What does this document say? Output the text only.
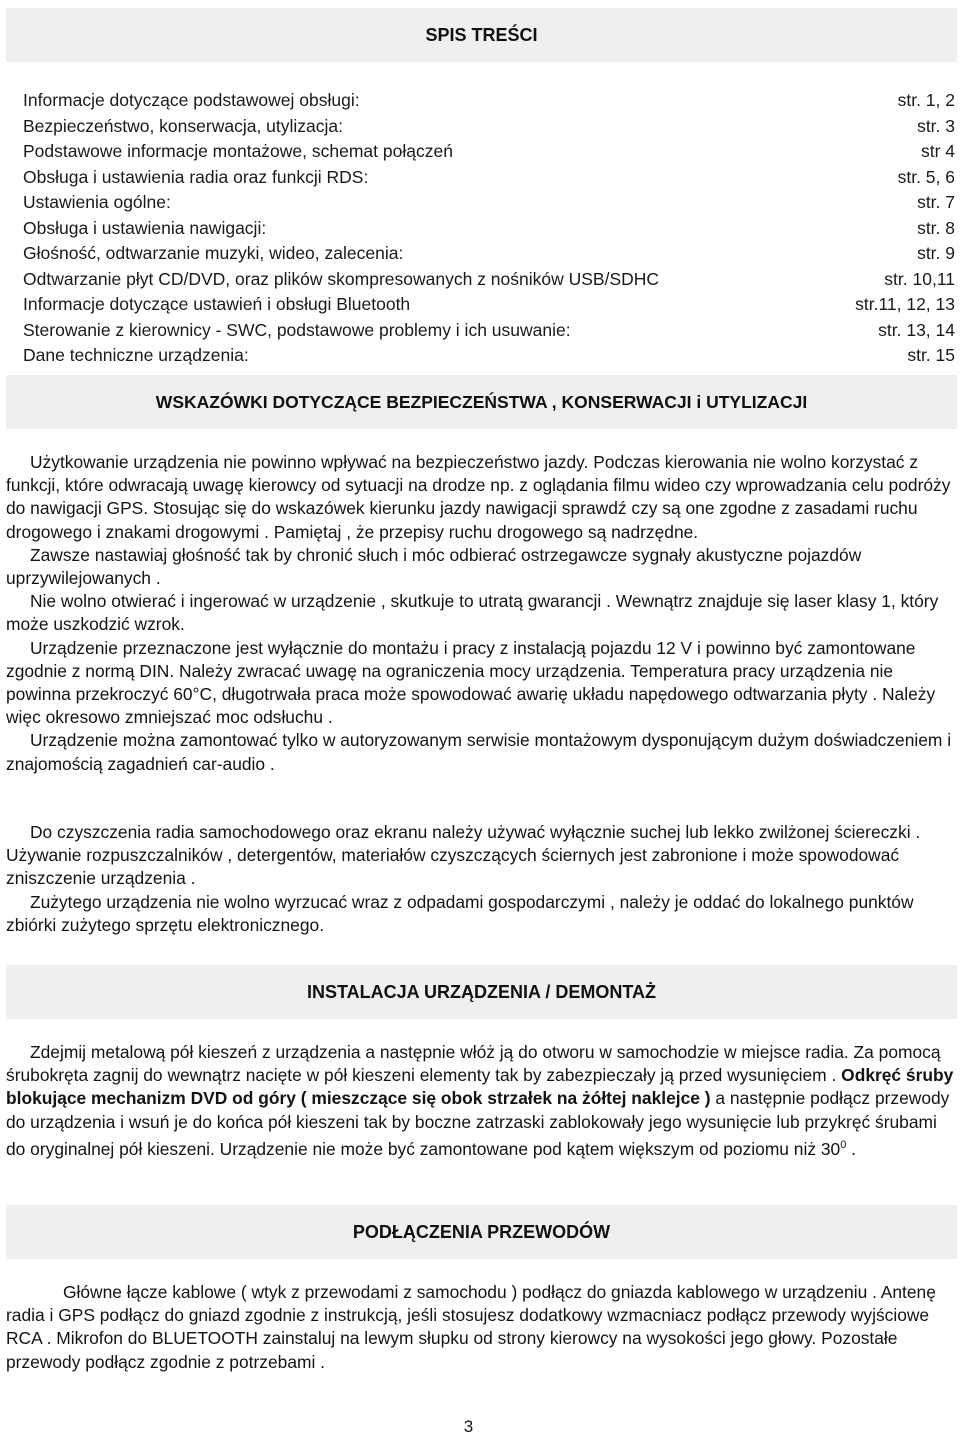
SPIS TREŚCI
Informacje dotyczące podstawowej obsługi:	str. 1, 2
Bezpieczeństwo, konserwacja, utylizacja:	str. 3
Podstawowe informacje montażowe, schemat połączeń	str 4
Obsługa i ustawienia radia oraz funkcji RDS:	str. 5, 6
Ustawienia ogólne:	str. 7
Obsługa i ustawienia nawigacji:	str. 8
Głośność, odtwarzanie muzyki, wideo, zalecenia:	str. 9
Odtwarzanie płyt CD/DVD, oraz plików skompresowanych z nośników USB/SDHC	str. 10,11
Informacje dotyczące ustawień i obsługi Bluetooth	str.11, 12, 13
Sterowanie z kierownicy - SWC, podstawowe problemy i ich usuwanie:	str. 13, 14
Dane techniczne urządzenia:	str. 15
WSKAZÓWKI DOTYCZĄCE BEZPIECZEŃSTWA , KONSERWACJI i UTYLIZACJI

Użytkowanie urządzenia nie powinno wpływać na bezpieczeństwo jazdy. Podczas kierowania nie wolno korzystać z funkcji, które odwracają uwagę kierowcy od sytuacji na drodze np. z oglądania filmu wideo czy wprowadzania celu podróży do nawigacji GPS. Stosując się do wskazówek kierunku jazdy nawigacji sprawdź czy są one zgodne z zasadami ruchu drogowego i znakami drogowymi . Pamiętaj , że przepisy ruchu drogowego są nadrzędne.

Zawsze nastawiaj głośność tak by chronić słuch i móc odbierać ostrzegawcze sygnały akustyczne pojazdów uprzywilejowanych .

Nie wolno otwierać i ingerować w urządzenie , skutkuje to utratą gwarancji . Wewnątrz znajduje się laser klasy 1, który może uszkodzić wzrok.

Urządzenie przeznaczone jest wyłącznie do montażu i pracy z instalacją pojazdu 12 V i powinno być zamontowane zgodnie z normą DIN. Należy zwracać uwagę na ograniczenia mocy urządzenia. Temperatura pracy urządzenia nie powinna przekroczyć 60°C, długotrwała praca może spowodować awarię układu napędowego odtwarzania płyty . Należy więc okresowo zmniejszać moc odsłuchu .

Urządzenie można zamontować tylko w autoryzowanym serwisie montażowym dysponującym dużym doświadczeniem i znajomością zagadnień car-audio .

Do czyszczenia radia samochodowego oraz ekranu należy używać wyłącznie suchej lub lekko zwilżonej ściereczki . Używanie rozpuszczalników , detergentów, materiałów czyszczących ściernych jest zabronione i może spowodować zniszczenie urządzenia .

Zużytego urządzenia nie wolno wyrzucać wraz z odpadami gospodarczymi , należy je oddać do lokalnego punktów zbiórki zużytego sprzętu elektronicznego.

INSTALACJA URZĄDZENIA / DEMONTAŻ

Zdejmij metalową pół kieszeń z urządzenia a następnie włóż ją do otworu w samochodzie w miejsce radia. Za pomocą śrubokręta zagnij do wewnątrz nacięte w pół kieszeni elementy tak by zabezpieczały ją przed wysunięciem . Odkręć śruby blokujące mechanizm DVD od góry ( mieszczące się obok strzałek na żółtej naklejce ) a następnie podłącz przewody do urządzenia i wsuń je do końca pół kieszeni tak by boczne zatrzaski zablokowały jego wysunięcie lub przykręć śrubami do oryginalnej pół kieszeni. Urządzenie nie może być zamontowane pod kątem większym od poziomu niż $30^0$ .

PODŁĄCZENIA PRZEWODÓW

Główne łącze kablowe ( wtyk z przewodami z samochodu ) podłącz do gniazda kablowego w urządzeniu . Antenę radia i GPS podłącz do gniazd zgodnie z instrukcją, jeśli stosujesz dodatkowy wzmacniacz podłącz przewody wyjściowe RCA . Mikrofon do BLUETOOTH zainstaluj na lewym słupku od strony kierowcy na wysokości jego głowy. Pozostałe przewody podłącz zgodnie z potrzebami .

3
